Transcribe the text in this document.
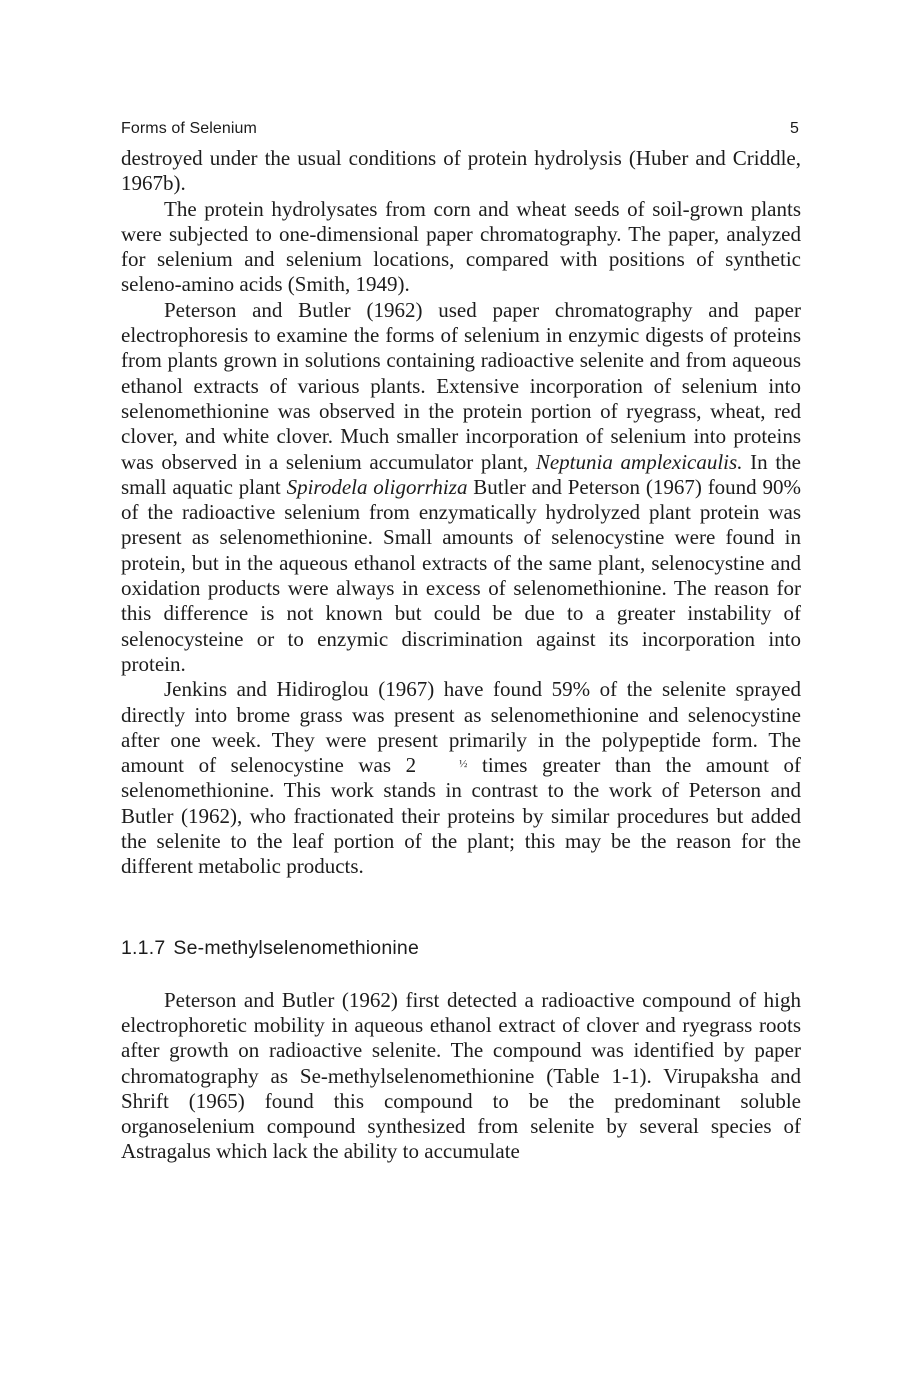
Forms of Selenium	5

destroyed under the usual conditions of protein hydrolysis (Huber and Criddle, 1967b).

The protein hydrolysates from corn and wheat seeds of soil-grown plants were subjected to one-dimensional paper chromatography. The paper, analyzed for selenium and selenium locations, compared with positions of synthetic seleno-amino acids (Smith, 1949).

Peterson and Butler (1962) used paper chromatography and paper electrophoresis to examine the forms of selenium in enzymic digests of proteins from plants grown in solutions containing radioactive selenite and from aqueous ethanol extracts of various plants. Extensive incorporation of selenium into selenomethionine was observed in the protein portion of ryegrass, wheat, red clover, and white clover. Much smaller incorporation of selenium into proteins was observed in a selenium accumulator plant, Neptunia amplexicaulis. In the small aquatic plant Spirodela oligorrhiza Butler and Peterson (1967) found 90% of the radioactive selenium from enzymatically hydrolyzed plant protein was present as selenomethionine. Small amounts of selenocystine were found in protein, but in the aqueous ethanol extracts of the same plant, selenocystine and oxidation products were always in excess of selenomethionine. The reason for this difference is not known but could be due to a greater instability of selenocysteine or to enzymic discrimination against its incorporation into protein.

Jenkins and Hidiroglou (1967) have found 59% of the selenite sprayed directly into brome grass was present as selenomethionine and selenocystine after one week. They were present primarily in the polypeptide form. The amount of selenocystine was 2	½ times greater than the amount of selenomethionine. This work stands in contrast to the work of Peterson and Butler (1962), who fractionated their proteins by similar procedures but added the selenite to the leaf portion of the plant; this may be the reason for the different metabolic products.

1.1.7 Se-methylselenomethionine

Peterson and Butler (1962) first detected a radioactive compound of high electrophoretic mobility in aqueous ethanol extract of clover and ryegrass roots after growth on radioactive selenite. The compound was identified by paper chromatography as Se-methylselenomethionine (Table 1-1). Virupaksha and Shrift (1965) found this compound to be the predominant soluble organoselenium compound synthesized from selenite by several species of Astragalus which lack the ability to accumulate
